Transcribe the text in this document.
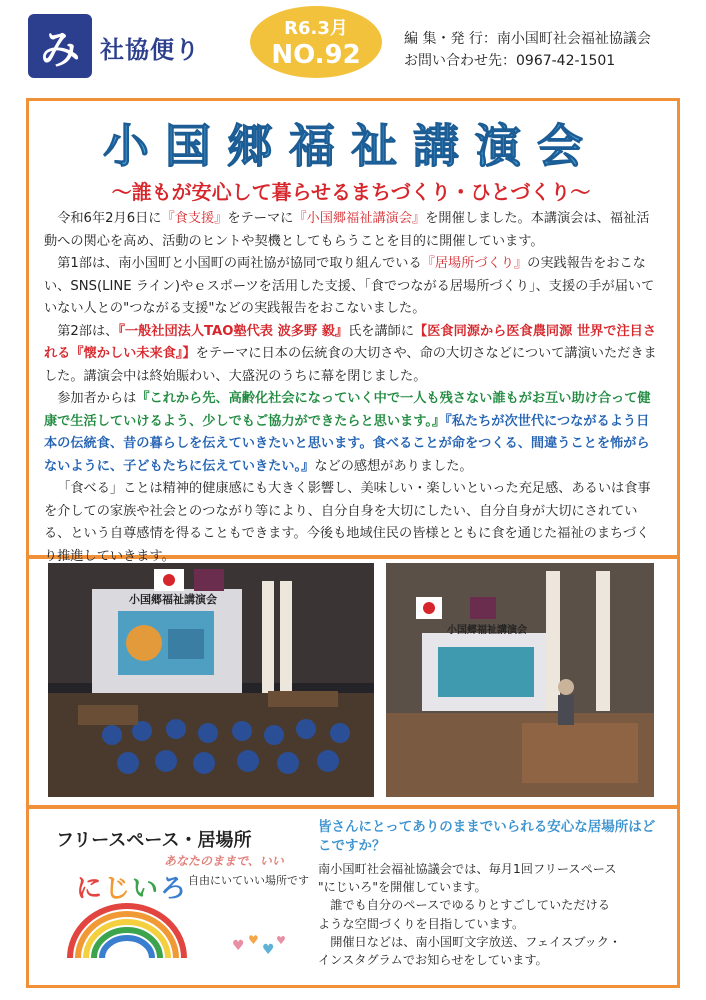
み 社協便り
R6.3月
NO.92
編 集・発 行：南小国町社会福祉協議会
お問い合わせ先：0967-42-1501
小国郷福祉講演会
～誰もが安心して暮らせるまちづくり・ひとづくり～

令和6年2月6日に『食支援』をテーマに『小国郷福祉講演会』を開催しました。本講演会は、福祉活動への関心を高め、活動のヒントや契機としてもらうことを目的に開催しています。

第1部は、南小国町と小国町の両社協が協同で取り組んでいる『居場所づくり』の実践報告をおこない、SNS(LINE ライン)やｅスポーツを活用した支援、「食でつながる居場所づくり」、支援の手が届いていない人との"つながる支援"などの実践報告をおこないました。

第2部は、『一般社団法人TAO塾代表 波多野 毅』氏を講師に【医食同源から医食農同源 世界で注目される『懐かしい未来食』】をテーマに日本の伝統食の大切さや、命の大切さなどについて講演いただきました。講演会中は終始賑わい、大盛況のうちに幕を閉じました。

参加者からは『これから先、高齢化社会になっていく中で一人も残さない誰もがお互い助け合って健康で生活していけるよう、少しでもご協力ができたらと思います。』『私たちが次世代につながるよう日本の伝統食、昔の暮らしを伝えていきたいと思います。食べることが命をつくる、間違うことを怖がらないように、子どもたちに伝えていきたい。』などの感想がありました。

「食べる」ことは精神的健康感にも大きく影響し、美味しい・楽しいといった充足感、あるいは食事を介しての家族や社会とのつながり等により、自分自身を大切にしたい、自分自身が大切にされている、という自尊感情を得ることもできます。今後も地域住民の皆様とともに食を通じた福祉のまちづくり推進していきます。

小国郷福祉講演会
小国郷福祉講演会
フリースペース・居場所
あなたのままで、いい
にじいろ 自由にいていい場所です
♥ ♥
♥
♥
皆さんにとってありのままでいられる安心な居場所はどこですか？

南小国町社会福祉協議会では、毎月1回フリースペース

"にじいろ"を開催しています。

誰でも自分のペースでゆるりとすごしていただける

ような空間づくりを目指しています。

開催日などは、南小国町文字放送、フェイスブック・

インスタグラムでお知らせをしています。
